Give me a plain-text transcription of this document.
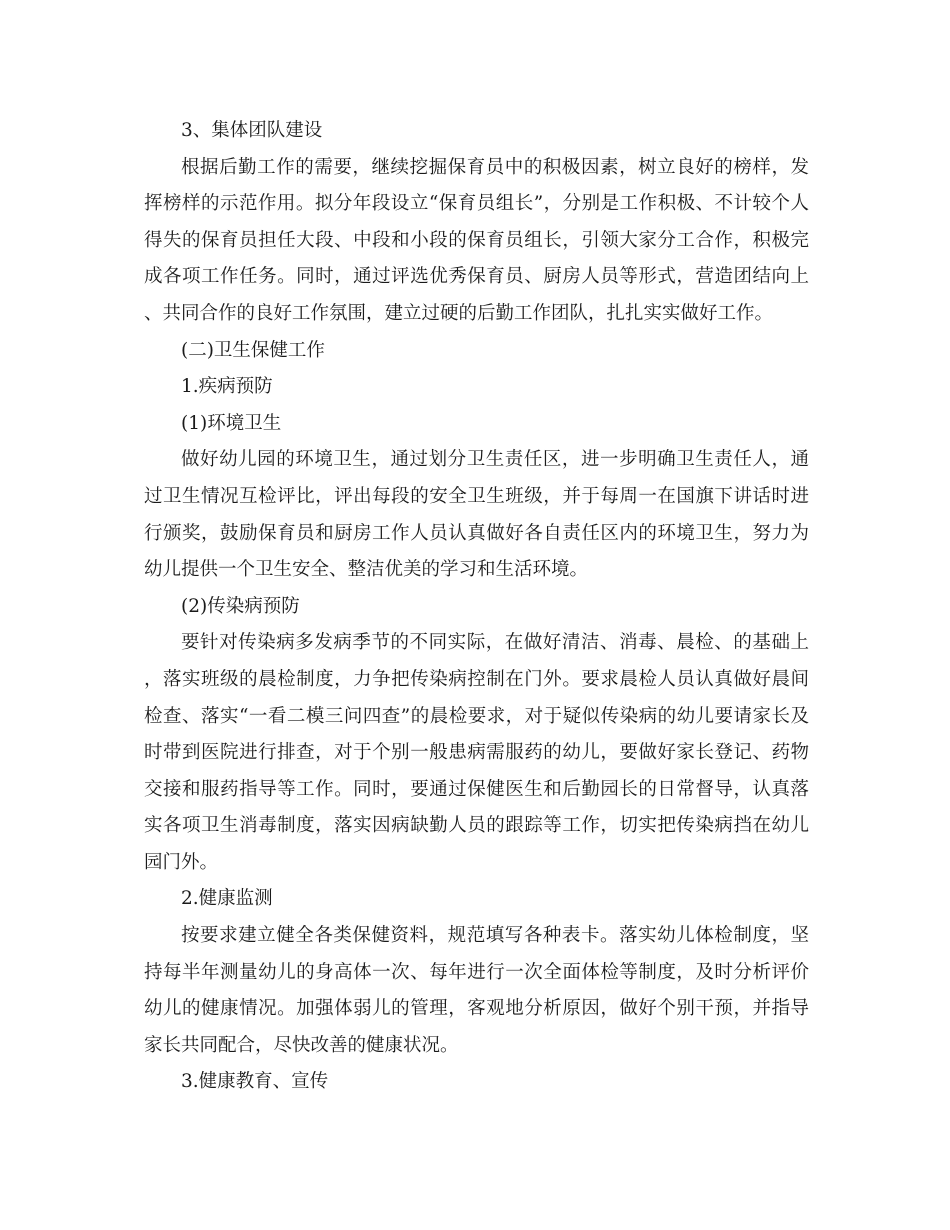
3、集体团队建设
根据后勤工作的需要，继续挖掘保育员中的积极因素，树立良好的榜样，发挥榜样的示范作用。拟分年段设立“保育员组长”，分别是工作积极、不计较个人得失的保育员担任大段、中段和小段的保育员组长，引领大家分工合作，积极完成各项工作任务。同时，通过评选优秀保育员、厨房人员等形式，营造团结向上、共同合作的良好工作氛围，建立过硬的后勤工作团队，扎扎实实做好工作。
(二)卫生保健工作
1.疾病预防
(1)环境卫生
做好幼儿园的环境卫生，通过划分卫生责任区，进一步明确卫生责任人，通过卫生情况互检评比，评出每段的安全卫生班级，并于每周一在国旗下讲话时进行颁奖，鼓励保育员和厨房工作人员认真做好各自责任区内的环境卫生，努力为幼儿提供一个卫生安全、整洁优美的学习和生活环境。
(2)传染病预防
要针对传染病多发病季节的不同实际，在做好清洁、消毒、晨检、的基础上，落实班级的晨检制度，力争把传染病控制在门外。要求晨检人员认真做好晨间检查、落实“一看二模三问四查”的晨检要求，对于疑似传染病的幼儿要请家长及时带到医院进行排查，对于个别一般患病需服药的幼儿，要做好家长登记、药物交接和服药指导等工作。同时，要通过保健医生和后勤园长的日常督导，认真落实各项卫生消毒制度，落实因病缺勤人员的跟踪等工作，切实把传染病挡在幼儿园门外。
2.健康监测
按要求建立健全各类保健资料，规范填写各种表卡。落实幼儿体检制度，坚持每半年测量幼儿的身高体一次、每年进行一次全面体检等制度，及时分析评价幼儿的健康情况。加强体弱儿的管理，客观地分析原因，做好个别干预，并指导家长共同配合，尽快改善的健康状况。
3.健康教育、宣传
